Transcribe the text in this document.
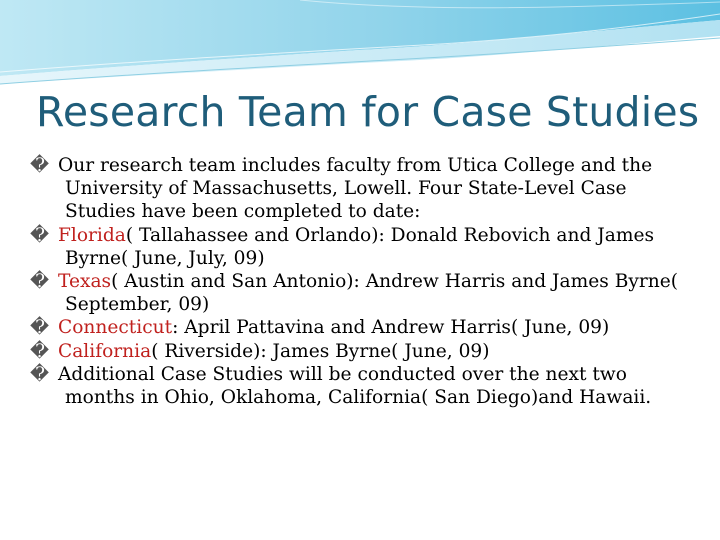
Research Team for Case Studies
� Our research team includes faculty from Utica College and the University of Massachusetts, Lowell. Four State-Level Case Studies have been completed to date:
� Florida( Tallahassee and Orlando): Donald Rebovich and James Byrne( June, July, 09)
� Texas( Austin and San Antonio): Andrew Harris and James Byrne( September, 09)
� Connecticut: April Pattavina and Andrew Harris( June, 09)
� California( Riverside): James Byrne( June, 09)
� Additional Case Studies will be conducted over the next two months in Ohio, Oklahoma, California( San Diego)and Hawaii.
